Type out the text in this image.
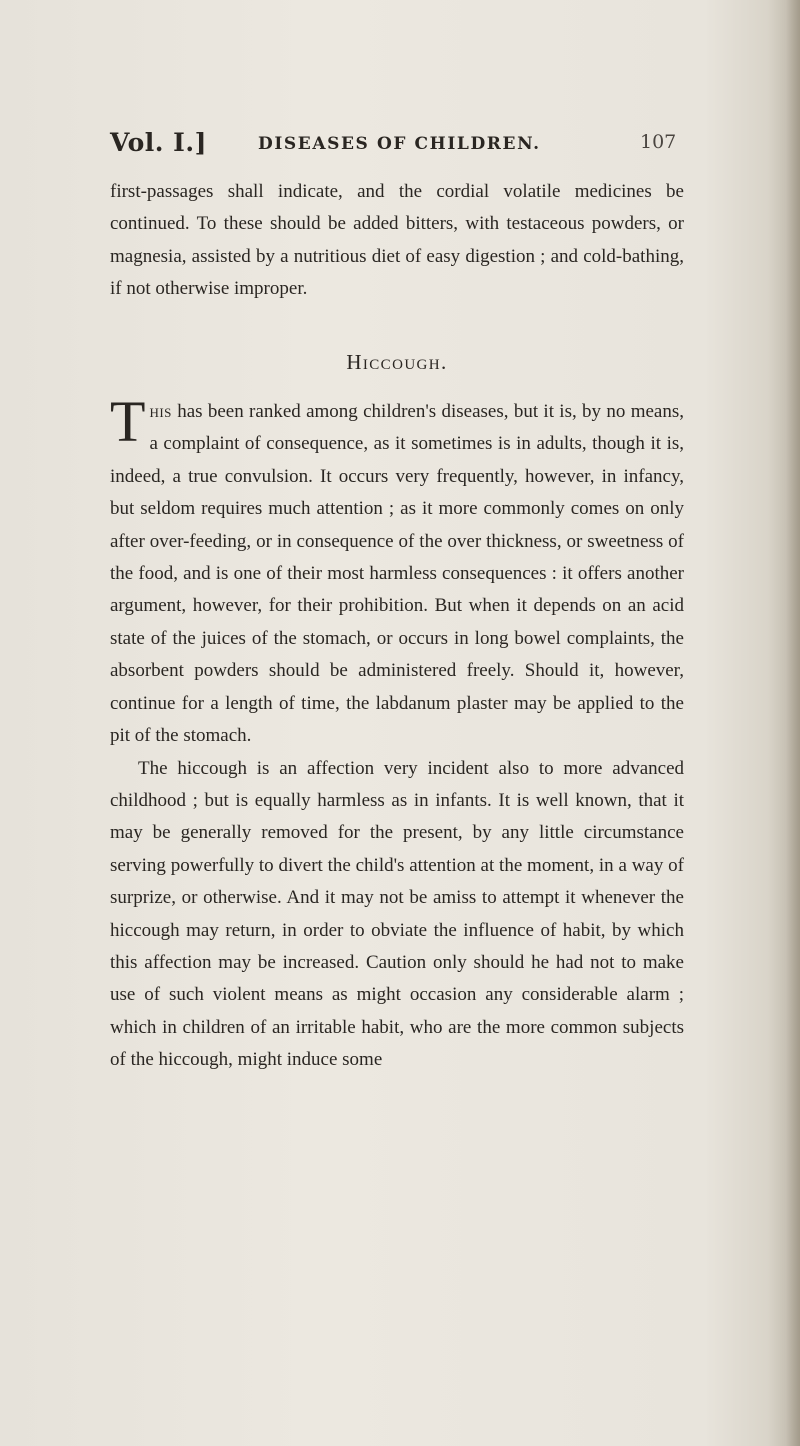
Vol. I.]	DISEASES OF CHILDREN.	107

first-passages shall indicate, and the cordial volatile medicines be continued. To these should be added bitters, with testaceous powders, or magnesia, assisted by a nutritious diet of easy digestion ; and cold-bathing, if not otherwise improper.

Hiccough.

This has been ranked among children's diseases, but it is, by no means, a complaint of consequence, as it sometimes is in adults, though it is, indeed, a true convulsion. It occurs very frequently, however, in infancy, but seldom requires much attention ; as it more commonly comes on only after over-feeding, or in consequence of the over thickness, or sweetness of the food, and is one of their most harmless consequences : it offers another argument, however, for their prohibition. But when it depends on an acid state of the juices of the stomach, or occurs in long bowel complaints, the absorbent powders should be administered freely. Should it, however, continue for a length of time, the labdanum plaster may be applied to the pit of the stomach.

The hiccough is an affection very incident also to more advanced childhood ; but is equally harmless as in infants. It is well known, that it may be generally removed for the present, by any little circumstance serving powerfully to divert the child's attention at the moment, in a way of surprize, or otherwise. And it may not be amiss to attempt it whenever the hiccough may return, in order to obviate the influence of habit, by which this affection may be increased. Caution only should he had not to make use of such violent means as might occasion any considerable alarm ; which in children of an irritable habit, who are the more common subjects of the hiccough, might induce some
